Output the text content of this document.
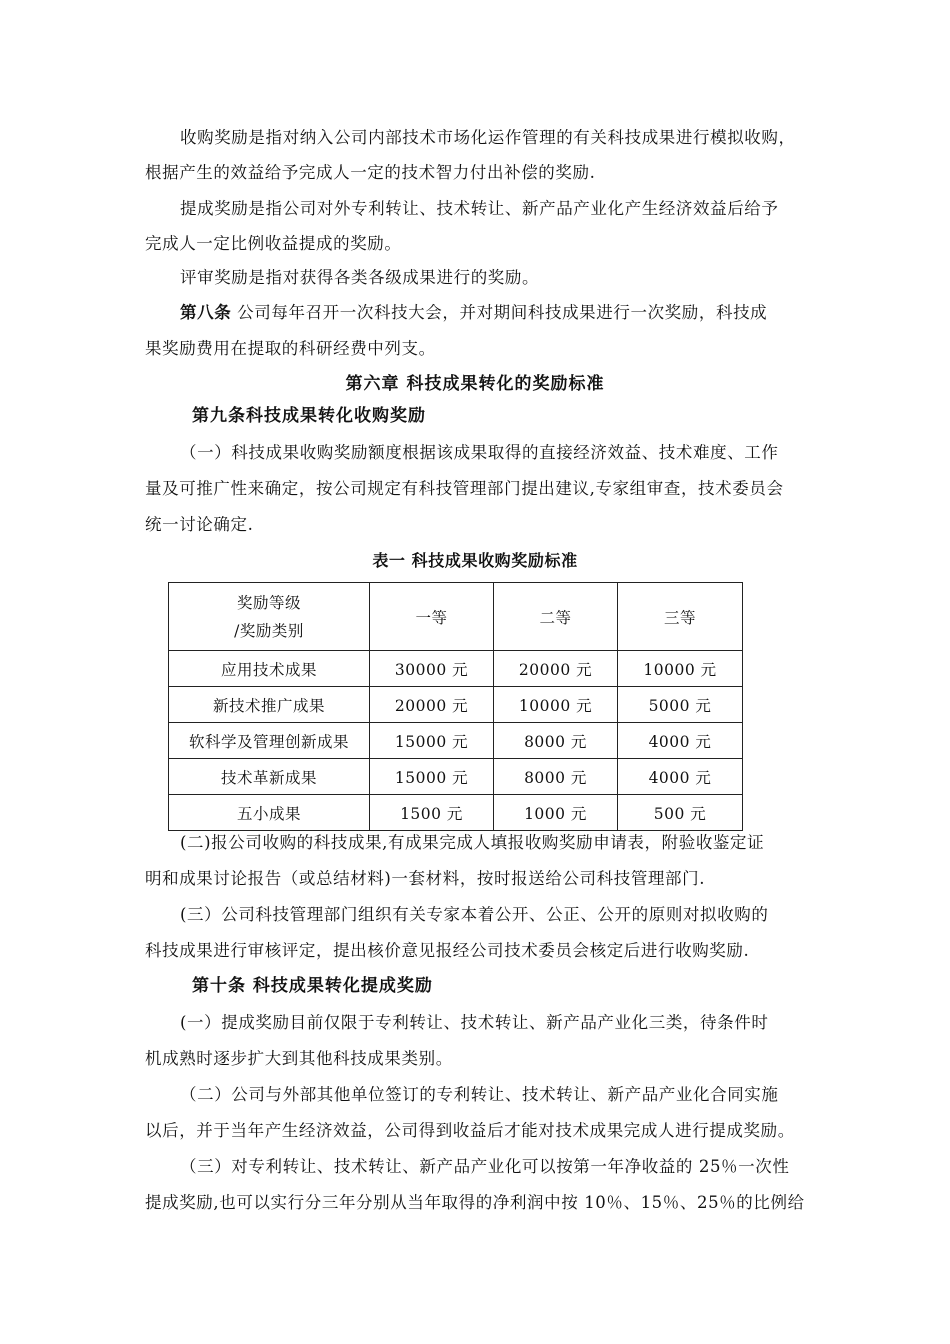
收购奖励是指对纳入公司内部技术市场化运作管理的有关科技成果进行模拟收购，
根据产生的效益给予完成人一定的技术智力付出补偿的奖励.
提成奖励是指公司对外专利转让、技术转让、新产品产业化产生经济效益后给予
完成人一定比例收益提成的奖励。
评审奖励是指对获得各类各级成果进行的奖励。
第八条 公司每年召开一次科技大会，并对期间科技成果进行一次奖励，科技成
果奖励费用在提取的科研经费中列支。
第六章 科技成果转化的奖励标准
第九条科技成果转化收购奖励
（一）科技成果收购奖励额度根据该成果取得的直接经济效益、技术难度、工作
量及可推广性来确定，按公司规定有科技管理部门提出建议,专家组审查，技术委员会
统一讨论确定.
表一 科技成果收购奖励标准
奖励等级
/奖励类别	一等	二等	三等
应用技术成果	30000 元	20000 元	10000 元
新技术推广成果	20000 元	10000 元	5000 元
软科学及管理创新成果	15000 元	8000 元	4000 元
技术革新成果	15000 元	8000 元	4000 元
五小成果	1500 元	1000 元	500 元
(二)报公司收购的科技成果,有成果完成人填报收购奖励申请表，附验收鉴定证
明和成果讨论报告（或总结材料)一套材料，按时报送给公司科技管理部门.
(三）公司科技管理部门组织有关专家本着公开、公正、公开的原则对拟收购的
科技成果进行审核评定，提出核价意见报经公司技术委员会核定后进行收购奖励.
第十条 科技成果转化提成奖励
(一）提成奖励目前仅限于专利转让、技术转让、新产品产业化三类，待条件时
机成熟时逐步扩大到其他科技成果类别。
（二）公司与外部其他单位签订的专利转让、技术转让、新产品产业化合同实施
以后，并于当年产生经济效益，公司得到收益后才能对技术成果完成人进行提成奖励。
（三）对专利转让、技术转让、新产品产业化可以按第一年净收益的 25％一次性
提成奖励,也可以实行分三年分别从当年取得的净利润中按 10％、15％、25％的比例给
